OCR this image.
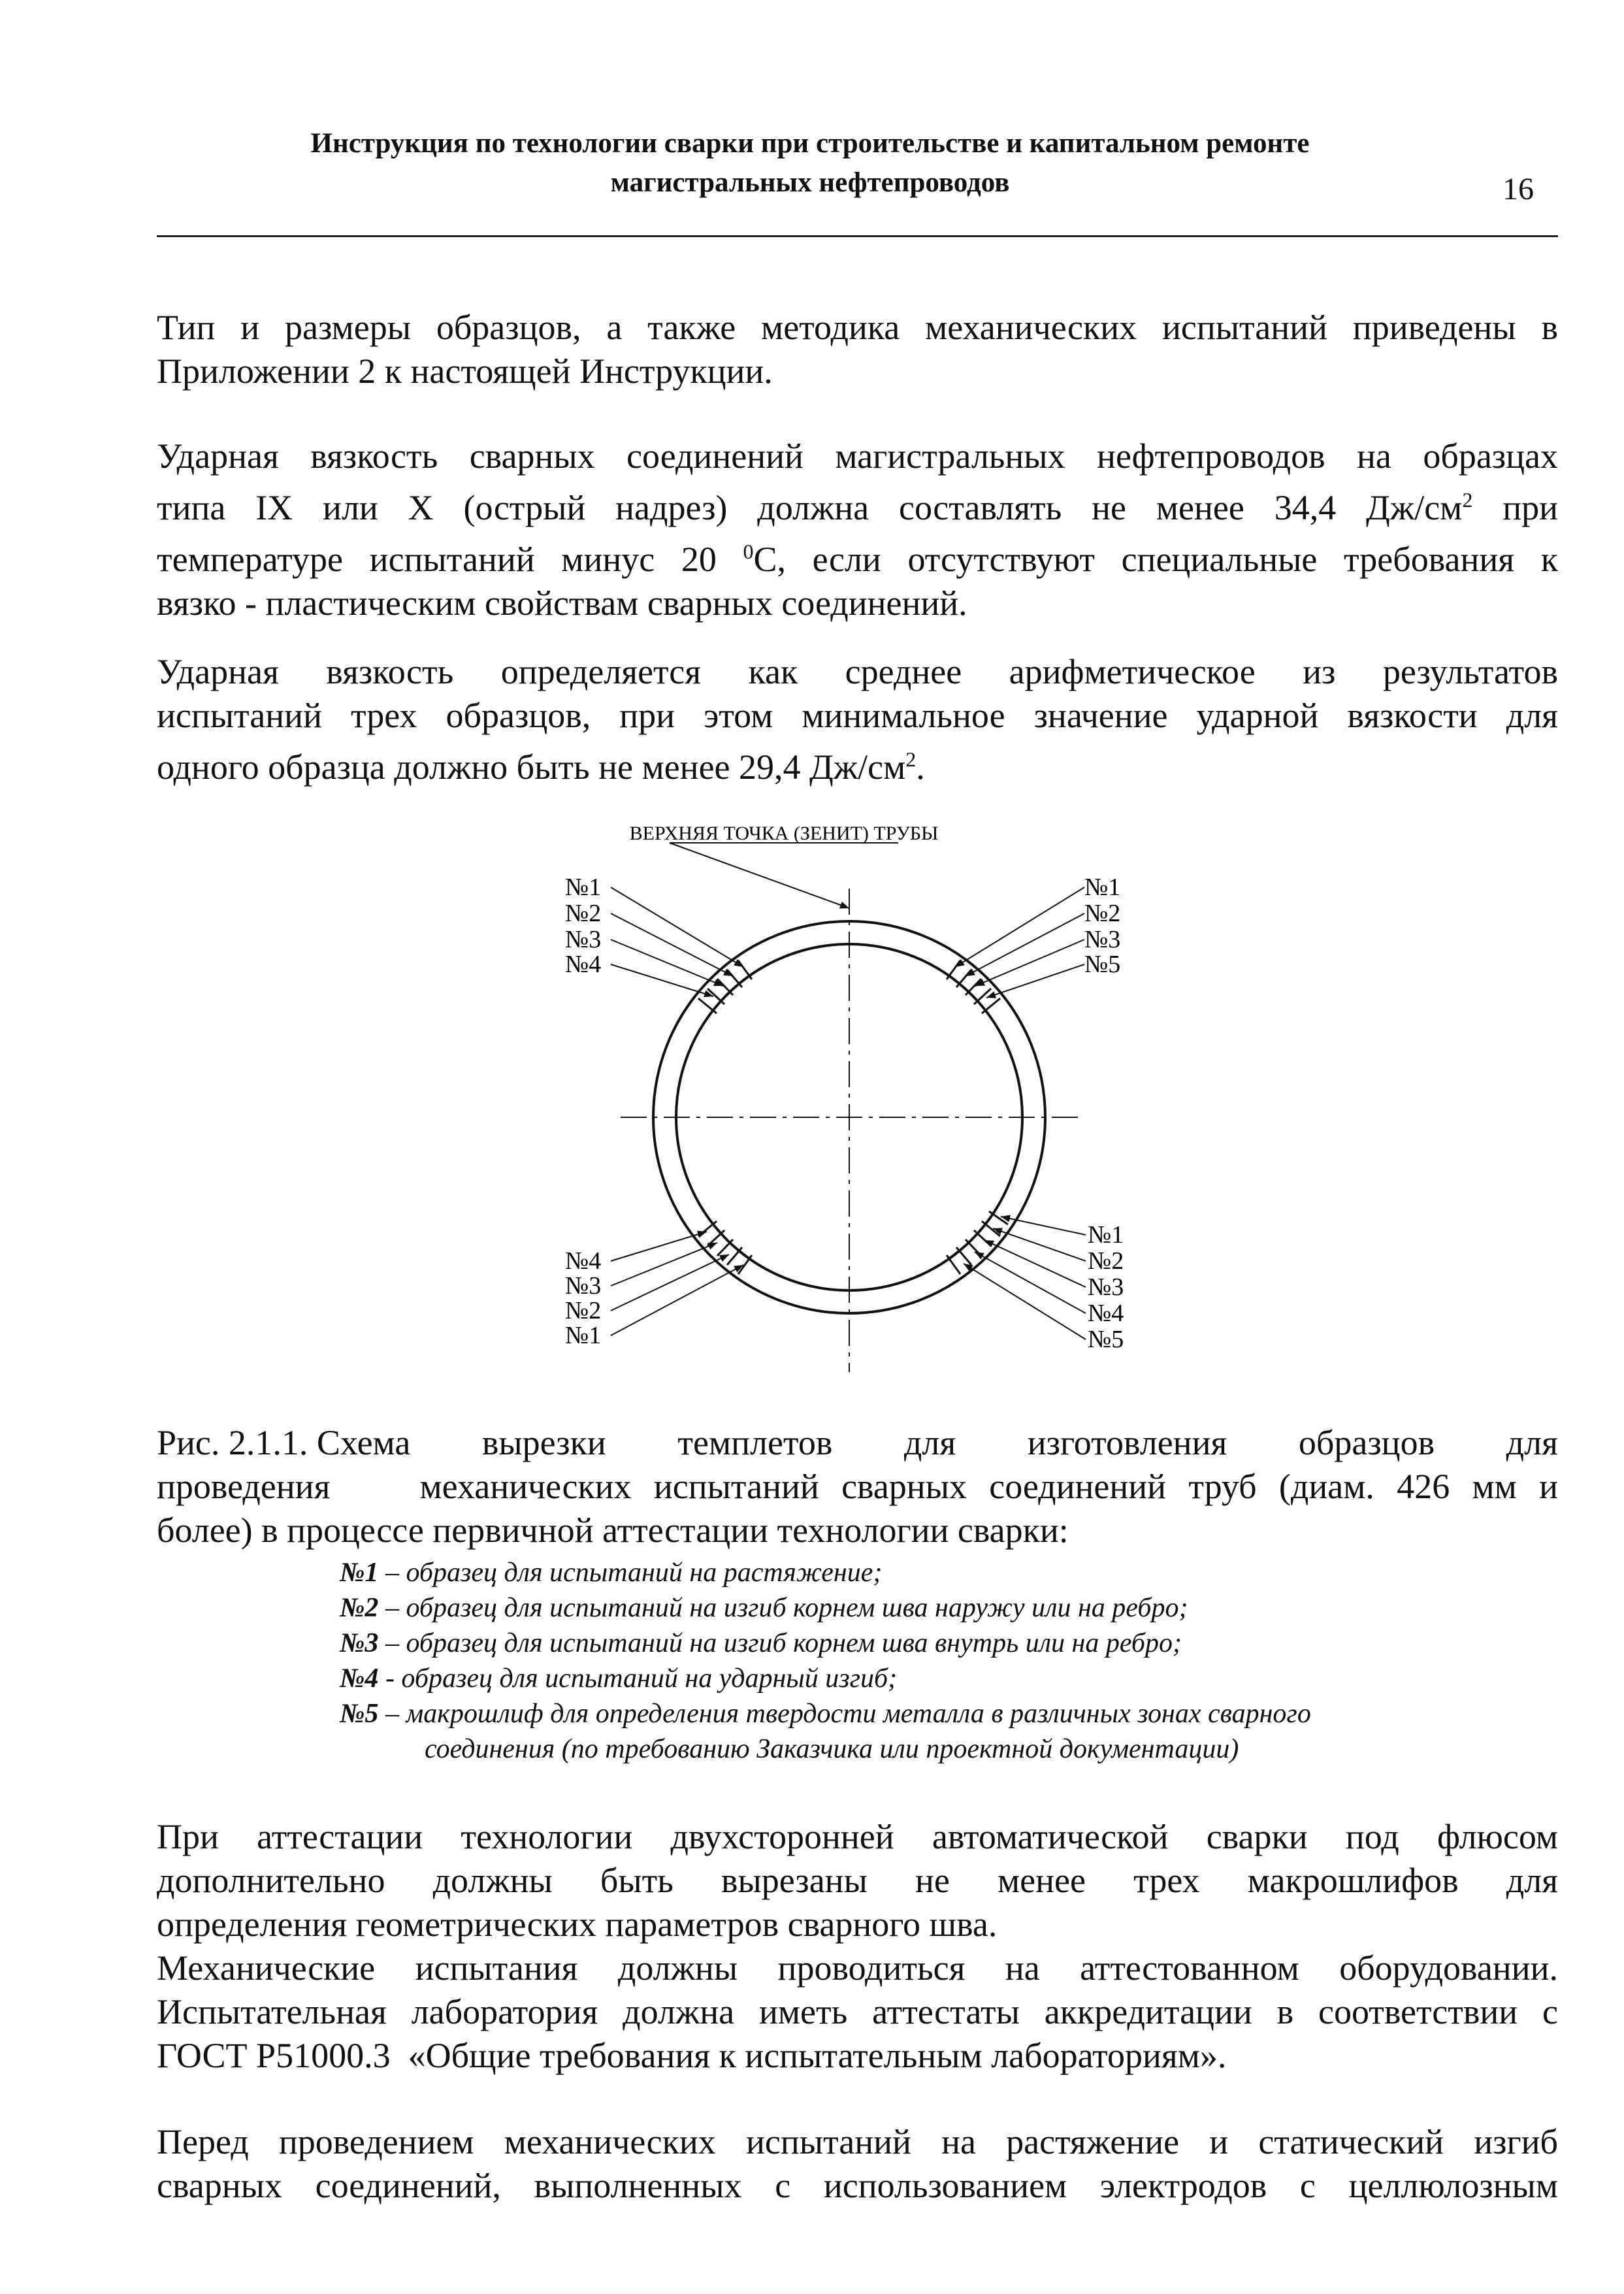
Инструкция по технологии сварки при строительстве и капитальном ремонте
магистральных нефтепроводов	16
Тип и размеры образцов, а также методика механических испытаний приведены в
Приложении 2 к настоящей Инструкции.
Ударная вязкость сварных соединений магистральных нефтепроводов на образцах
типа IX или X (острый надрез) должна составлять не менее 34,4 $Дж/см^2$ при
температуре испытаний минус 20 $^0$С, если отсутствуют специальные требования к
вязко - пластическим свойствам сварных соединений.
Ударная вязкость определяется как среднее арифметическое из результатов
испытаний трех образцов, при этом минимальное значение ударной вязкости для
одного образца должно быть не менее 29,4 $Дж/см^2$.
ВЕРХНЯЯ ТОЧКА (ЗЕНИТ) ТРУБЫ
№1
№2
№3
№4
№1
№2
№3
№5
№4
№3
№2
№1
№1
№2
№3
№4
№5
Рис. 2.1.1. Схема вырезки темплетов для изготовления образцов для
проведения    механических испытаний сварных соединений труб (диам. 426 мм и
более) в процессе первичной аттестации технологии сварки:
№1 – образец для испытаний на растяжение;
№2 – образец для испытаний на изгиб корнем шва наружу или на ребро;
№3 – образец для испытаний на изгиб корнем шва внутрь или на ребро;
№4 - образец для испытаний на ударный изгиб;
№5 – макрошлиф для определения твердости металла в различных зонах сварного
соединения (по требованию Заказчика или проектной документации)
При аттестации технологии двухсторонней автоматической сварки под флюсом
дополнительно должны быть вырезаны не менее трех макрошлифов для
определения геометрических параметров сварного шва.
Механические испытания должны проводиться на аттестованном оборудовании.
Испытательная лаборатория должна иметь аттестаты аккредитации в соответствии с
ГОСТ Р51000.3  «Общие требования к испытательным лабораториям».
Перед проведением механических испытаний на растяжение и статический изгиб
сварных соединений, выполненных с использованием электродов с целлюлозным
